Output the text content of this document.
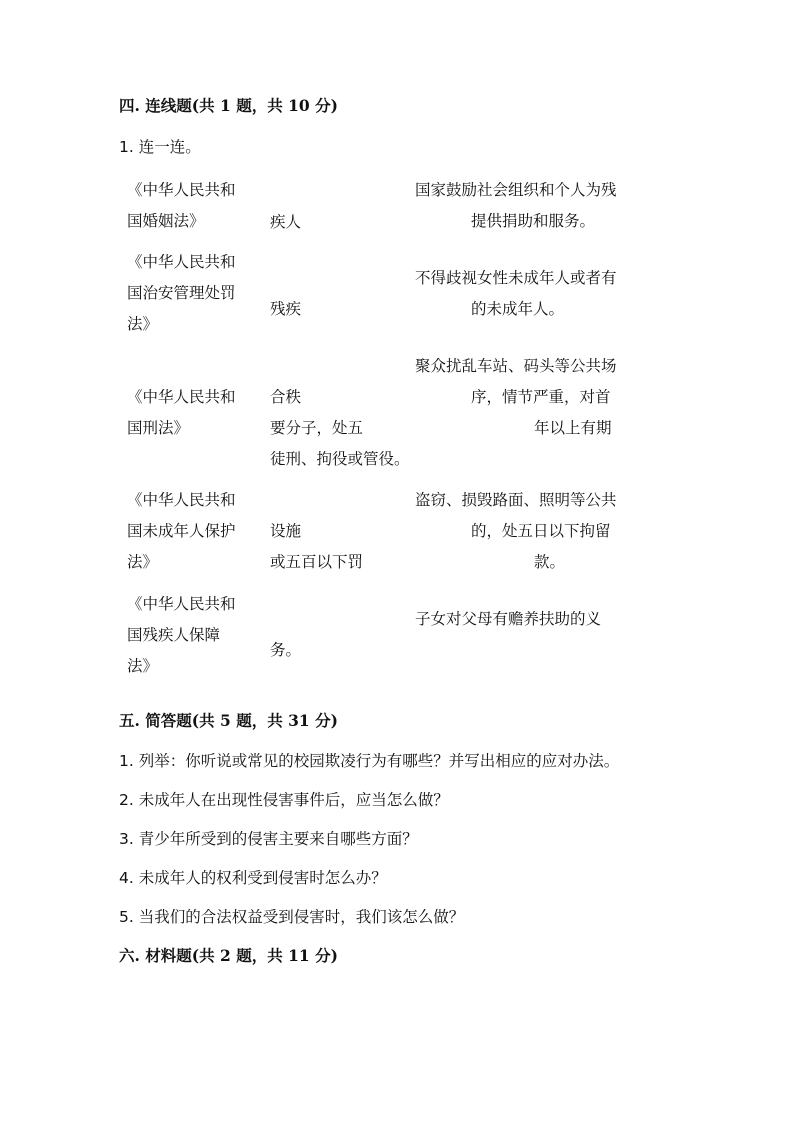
四. 连线题(共 1 题，共 10 分)
1. 连一连。
《中华人民共和
国婚姻法》	疾人
国家鼓励社会组织和个人为残
提供捐助和服务。
《中华人民共和
国治安管理处罚
法》
残疾
不得歧视女性未成年人或者有
的未成年人。
《中华人民共和
国刑法》
合秩
要分子，处五
徒刑、拘役或管役。
聚众扰乱车站、码头等公共场
序，情节严重，对首
年以上有期
《中华人民共和
国未成年人保护
法》
设施
或五百以下罚
盗窃、损毁路面、照明等公共
的，处五日以下拘留
款。
《中华人民共和
国残疾人保障
法》
务。
子女对父母有赡养扶助的义
五. 简答题(共 5 题，共 31 分)
1. 列举：你听说或常见的校园欺凌行为有哪些？并写出相应的应对办法。
2. 未成年人在出现性侵害事件后，应当怎么做？
3. 青少年所受到的侵害主要来自哪些方面？
4. 未成年人的权利受到侵害时怎么办？
5. 当我们的合法权益受到侵害时，我们该怎么做？
六. 材料题(共 2 题，共 11 分)
